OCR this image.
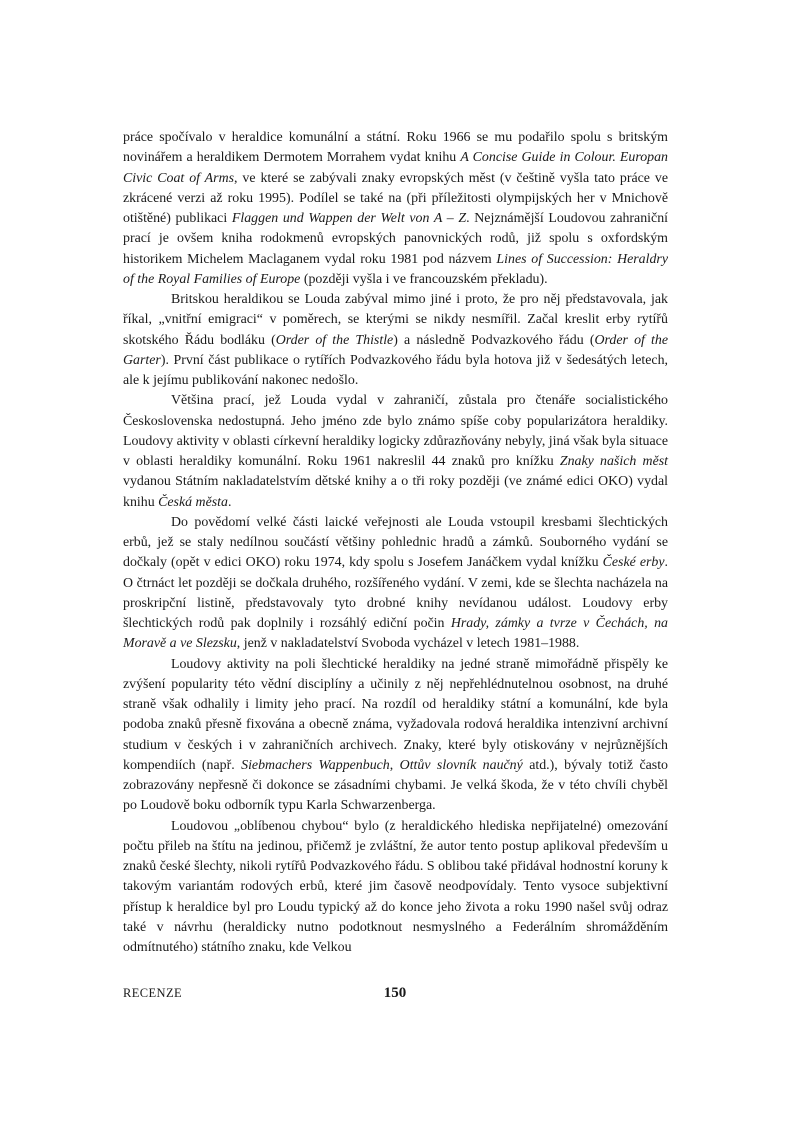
práce spočívalo v heraldice komunální a státní. Roku 1966 se mu podařilo spolu s britským novinářem a heraldikem Dermotem Morrahem vydat knihu A Concise Guide in Colour. Europan Civic Coat of Arms, ve které se zabývali znaky evropských měst (v češtině vyšla tato práce ve zkrácené verzi až roku 1995). Podílel se také na (při příležitosti olympijských her v Mnichově otištěné) publikaci Flaggen und Wappen der Welt von A – Z. Nejznámější Loudovou zahraniční prací je ovšem kniha rodokmenů evropských panovnických rodů, již spolu s oxfordským historikem Michelem Maclaganem vydal roku 1981 pod názvem Lines of Succession: Heraldry of the Royal Families of Europe (později vyšla i ve francouzském překladu).

Britskou heraldikou se Louda zabýval mimo jiné i proto, že pro něj představovala, jak říkal, „vnitřní emigraci“ v poměrech, se kterými se nikdy nesmířil. Začal kreslit erby rytířů skotského Řádu bodláku (Order of the Thistle) a následně Podvazkového řádu (Order of the Garter). První část publikace o rytířích Podvazkového řádu byla hotova již v šedesátých letech, ale k jejímu publikování nakonec nedošlo.

Většina prací, jež Louda vydal v zahraničí, zůstala pro čtenáře socialistického Československa nedostupná. Jeho jméno zde bylo známo spíše coby popularizátora heraldiky. Loudovy aktivity v oblasti církevní heraldiky logicky zdůrazňovány nebyly, jiná však byla situace v oblasti heraldiky komunální. Roku 1961 nakreslil 44 znaků pro knížku Znaky našich měst vydanou Státním nakladatelstvím dětské knihy a o tři roky později (ve známé edici OKO) vydal knihu Česká města.

Do povědomí velké části laické veřejnosti ale Louda vstoupil kresbami šlechtických erbů, jež se staly nedílnou součástí většiny pohlednic hradů a zámků. Souborného vydání se dočkaly (opět v edici OKO) roku 1974, kdy spolu s Josefem Janáčkem vydal knížku České erby. O čtrnáct let později se dočkala druhého, rozšířeného vydání. V zemi, kde se šlechta nacházela na proskripční listině, představovaly tyto drobné knihy nevídanou událost. Loudovy erby šlechtických rodů pak doplnily i rozsáhlý ediční počin Hrady, zámky a tvrze v Čechách, na Moravě a ve Slezsku, jenž v nakladatelství Svoboda vycházel v letech 1981–1988.

Loudovy aktivity na poli šlechtické heraldiky na jedné straně mimořádně přispěly ke zvýšení popularity této vědní disciplíny a učinily z něj nepřehlédnutelnou osobnost, na druhé straně však odhalily i limity jeho prací. Na rozdíl od heraldiky státní a komunální, kde byla podoba znaků přesně fixována a obecně známa, vyžadovala rodová heraldika intenzivní archivní studium v českých i v zahraničních archivech. Znaky, které byly otiskovány v nejrůznějších kompendiích (např. Siebmachers Wappenbuch, Ottův slovník naučný atd.), bývaly totiž často zobrazovány nepřesně či dokonce se zásadními chybami. Je velká škoda, že v této chvíli chyběl po Loudově boku odborník typu Karla Schwarzenberga.

Loudovou „oblíbenou chybou“ bylo (z heraldického hlediska nepřijatelné) omezování počtu přileb na štítu na jedinou, přičemž je zvláštní, že autor tento postup aplikoval především u znaků české šlechty, nikoli rytířů Podvazkového řádu. S oblibou také přidával hodnostní koruny k takovým variantám rodových erbů, které jim časově neodpovídaly. Tento vysoce subjektivní přístup k heraldice byl pro Loudu typický až do konce jeho života a roku 1990 našel svůj odraz také v návrhu (heraldicky nutno podotknout nesmyslného a Federálním shromážděním odmítnutého) státního znaku, kde Velkou

RECENZE	150
